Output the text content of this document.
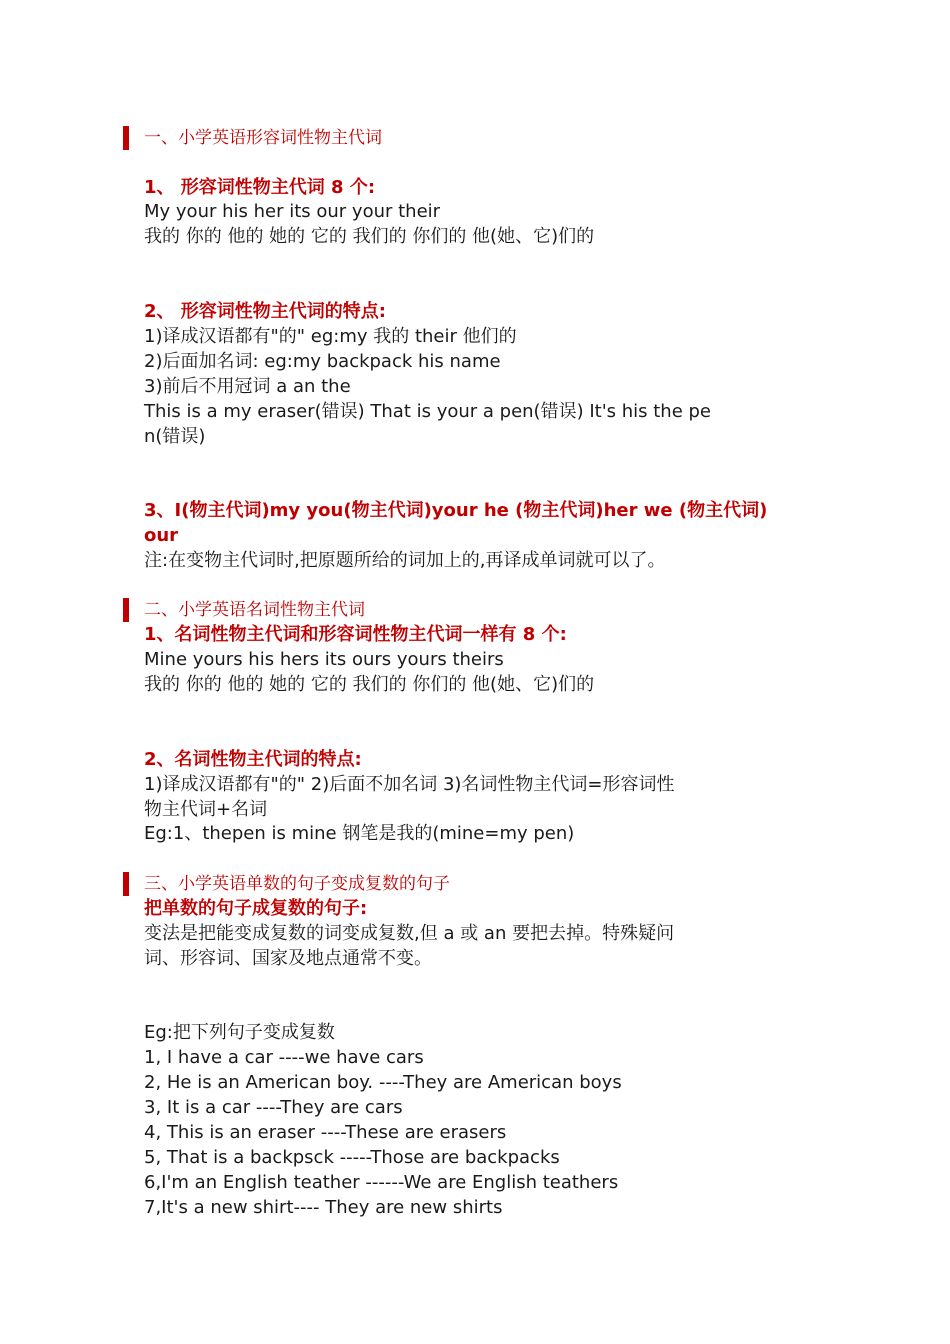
一、小学英语形容词性物主代词
1、 形容词性物主代词 8 个:
My your his her its our your their
我的 你的 他的 她的 它的 我们的 你们的 他(她、它)们的
2、 形容词性物主代词的特点:
1)译成汉语都有"的" eg:my 我的 their 他们的
2)后面加名词: eg:my backpack his name
3)前后不用冠词 a an the
This is a my eraser(错误) That is your a pen(错误) It's his the pe
n(错误)
3、I(物主代词)my you(物主代词)your he (物主代词)her we (物主代词)
our
注:在变物主代词时,把原题所给的词加上的,再译成单词就可以了。
二、小学英语名词性物主代词
1、名词性物主代词和形容词性物主代词一样有 8 个:
Mine yours his hers its ours yours theirs
我的 你的 他的 她的 它的 我们的 你们的 他(她、它)们的
2、名词性物主代词的特点:
1)译成汉语都有"的" 2)后面不加名词 3)名词性物主代词=形容词性
物主代词+名词
Eg:1、thepen is mine 钢笔是我的(mine=my pen)
三、小学英语单数的句子变成复数的句子
把单数的句子成复数的句子:
变法是把能变成复数的词变成复数,但 a 或 an 要把去掉。特殊疑问
词、形容词、国家及地点通常不变。
Eg:把下列句子变成复数
1, I have a car ----we have cars
2, He is an American boy. ----They are American boys
3, It is a car ----They are cars
4, This is an eraser ----These are erasers
5, That is a backpsck -----Those are backpacks
6,I'm an English teather ------We are English teathers
7,It's a new shirt---- They are new shirts
